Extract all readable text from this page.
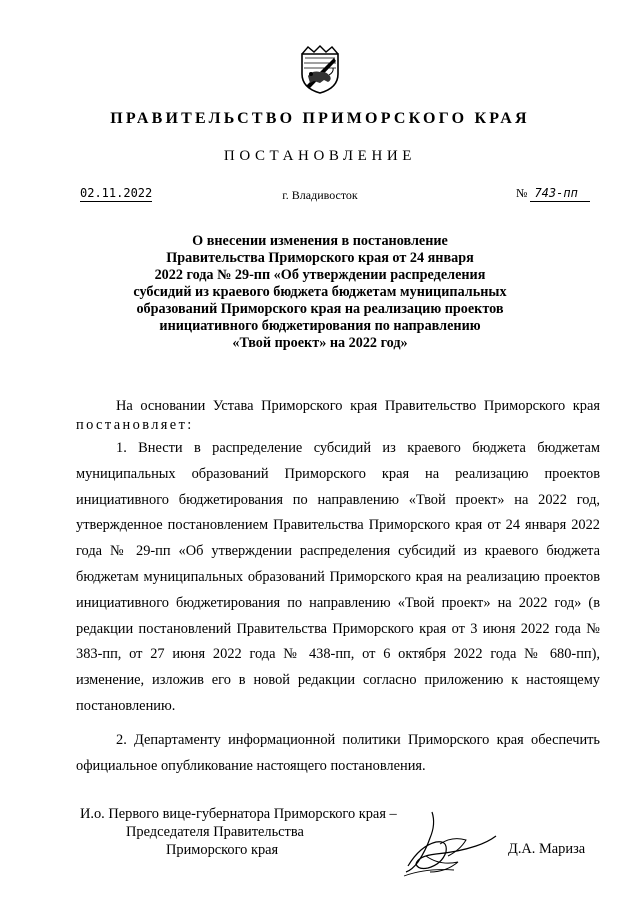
ПРАВИТЕЛЬСТВО ПРИМОРСКОГО КРАЯ
ПОСТАНОВЛЕНИЕ
02.11.2022	г. Владивосток	№ 743-пп
О внесении изменения в постановление
Правительства Приморского края от 24 января
2022 года № 29-пп «Об утверждении распределения
субсидий из краевого бюджета бюджетам муниципальных
образований Приморского края на реализацию проектов
инициативного бюджетирования по направлению
«Твой проект» на 2022 год»
На основании Устава Приморского края Правительство Приморского края постановляет:
1. Внести в распределение субсидий из краевого бюджета бюджетам муниципальных образований Приморского края на реализацию проектов инициативного бюджетирования по направлению «Твой проект» на 2022 год, утвержденное постановлением Правительства Приморского края от 24 января 2022 года № 29-пп «Об утверждении распределения субсидий из краевого бюджета бюджетам муниципальных образований Приморского края на реализацию проектов инициативного бюджетирования по направлению «Твой проект» на 2022 год» (в редакции постановлений Правительства Приморского края от 3 июня 2022 года № 383-пп, от 27 июня 2022 года № 438-пп, от 6 октября 2022 года № 680-пп), изменение, изложив его в новой редакции согласно приложению к настоящему постановлению.
2. Департаменту информационной политики Приморского края обеспечить официальное опубликование настоящего постановления.
И.о. Первого вице-губернатора Приморского края –
Председателя Правительства
Приморского края	Д.А. Мариза
